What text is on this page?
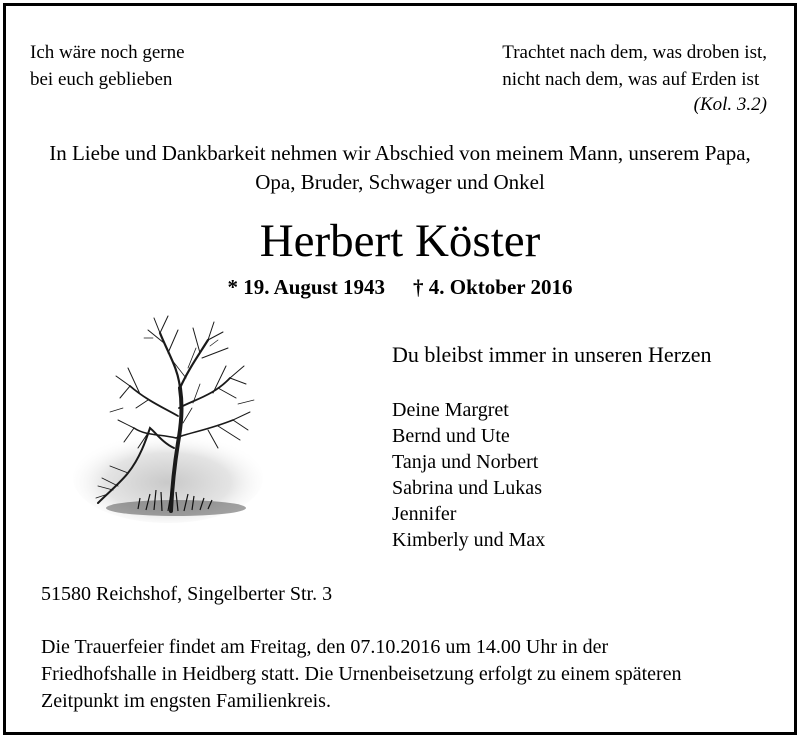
Ich wäre noch gerne
bei euch geblieben
Trachtet nach dem, was droben ist,
nicht nach dem, was auf Erden ist
(Kol. 3.2)
In Liebe und Dankbarkeit nehmen wir Abschied von meinem Mann, unserem Papa,
Opa, Bruder, Schwager und Onkel
Herbert Köster
* 19. August 1943 † 4. Oktober 2016
Du bleibst immer in unseren Herzen
Deine Margret
Bernd und Ute
Tanja und Norbert
Sabrina und Lukas
Jennifer
Kimberly und Max
51580 Reichshof, Singelberter Str. 3
Die Trauerfeier findet am Freitag, den 07.10.2016 um 14.00 Uhr in der
Friedhofshalle in Heidberg statt. Die Urnenbeisetzung erfolgt zu einem späteren
Zeitpunkt im engsten Familienkreis.
